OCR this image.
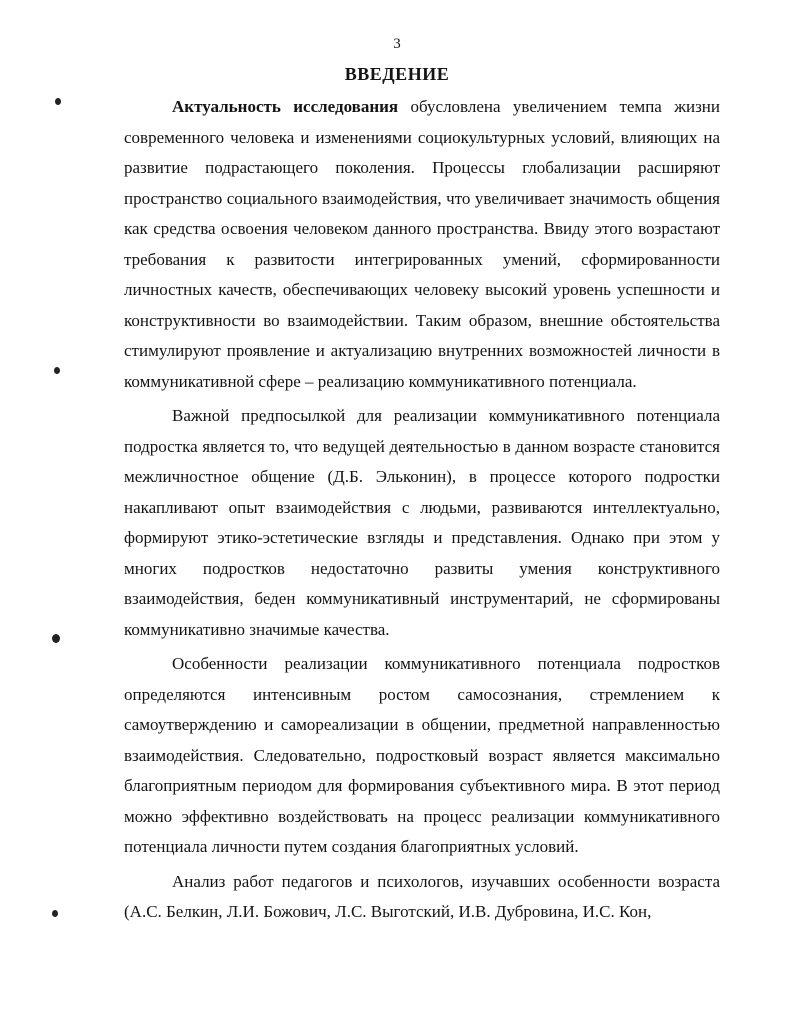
3
ВВЕДЕНИЕ

Актуальность исследования обусловлена увеличением темпа жизни современного человека и изменениями социокультурных условий, влияющих на развитие подрастающего поколения. Процессы глобализации расширяют пространство социального взаимодействия, что увеличивает значимость общения как средства освоения человеком данного пространства. Ввиду этого возрастают требования к развитости интегрированных умений, сформированности личностных качеств, обеспечивающих человеку высокий уровень успешности и конструктивности во взаимодействии. Таким образом, внешние обстоятельства стимулируют проявление и актуализацию внутренних возможностей личности в коммуникативной сфере – реализацию коммуникативного потенциала.

Важной предпосылкой для реализации коммуникативного потенциала подростка является то, что ведущей деятельностью в данном возрасте становится межличностное общение (Д.Б. Эльконин), в процессе которого подростки накапливают опыт взаимодействия с людьми, развиваются интеллектуально, формируют этико-эстетические взгляды и представления. Однако при этом у многих подростков недостаточно развиты умения конструктивного взаимодействия, беден коммуникативный инструментарий, не сформированы коммуникативно значимые качества.

Особенности реализации коммуникативного потенциала подростков определяются интенсивным ростом самосознания, стремлением к самоутверждению и самореализации в общении, предметной направленностью взаимодействия. Следовательно, подростковый возраст является максимально благоприятным периодом для формирования субъективного мира. В этот период можно эффективно воздействовать на процесс реализации коммуникативного потенциала личности путем создания благоприятных условий.

Анализ работ педагогов и психологов, изучавших особенности возраста (А.С. Белкин, Л.И. Божович, Л.С. Выготский, И.В. Дубровина, И.С. Кон,
